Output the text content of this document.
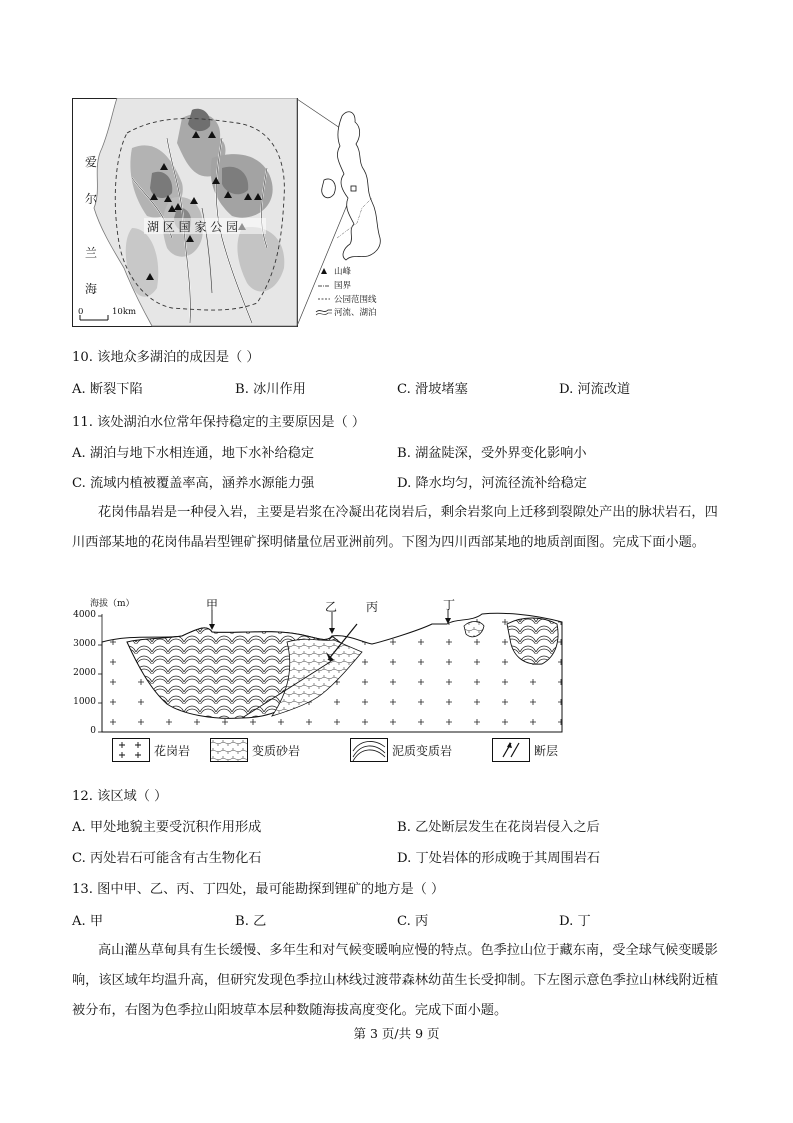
爱
尔
兰
海
湖 区 国 家 公 园
0	10km
山峰
国界
公园范围线
河流、湖泊
10. 该地众多湖泊的成因是（ ）
A. 断裂下陷	B. 冰川作用	C. 滑坡堵塞	D. 河流改道
11. 该处湖泊水位常年保持稳定的主要原因是（ ）
A. 湖泊与地下水相连通，地下水补给稳定	B. 湖盆陡深，受外界变化影响小
C. 流域内植被覆盖率高，涵养水源能力强	D. 降水均匀，河流径流补给稳定
花岗伟晶岩是一种侵入岩，主要是岩浆在冷凝出花岗岩后，剩余岩浆向上迁移到裂隙处产出的脉状岩石，四川西部某地的花岗伟晶岩型锂矿探明储量位居亚洲前列。下图为四川西部某地的地质剖面图。完成下面小题。
海拔（m）
4000
3000
2000
1000
0
甲	乙 丙	丁
花岗岩	变质砂岩	泥质变质岩	断层
12. 该区域（ ）
A. 甲处地貌主要受沉积作用形成	B. 乙处断层发生在花岗岩侵入之后
C. 丙处岩石可能含有古生物化石	D. 丁处岩体的形成晚于其周围岩石
13. 图中甲、乙、丙、丁四处，最可能勘探到锂矿的地方是（ ）
A. 甲	B. 乙	C. 丙	D. 丁
高山灌丛草甸具有生长缓慢、多年生和对气候变暖响应慢的特点。色季拉山位于藏东南，受全球气候变暖影响，该区域年均温升高，但研究发现色季拉山林线过渡带森林幼苗生长受抑制。下左图示意色季拉山林线附近植被分布，右图为色季拉山阳坡草本层种数随海拔高度变化。完成下面小题。
第 3 页/共 9 页
